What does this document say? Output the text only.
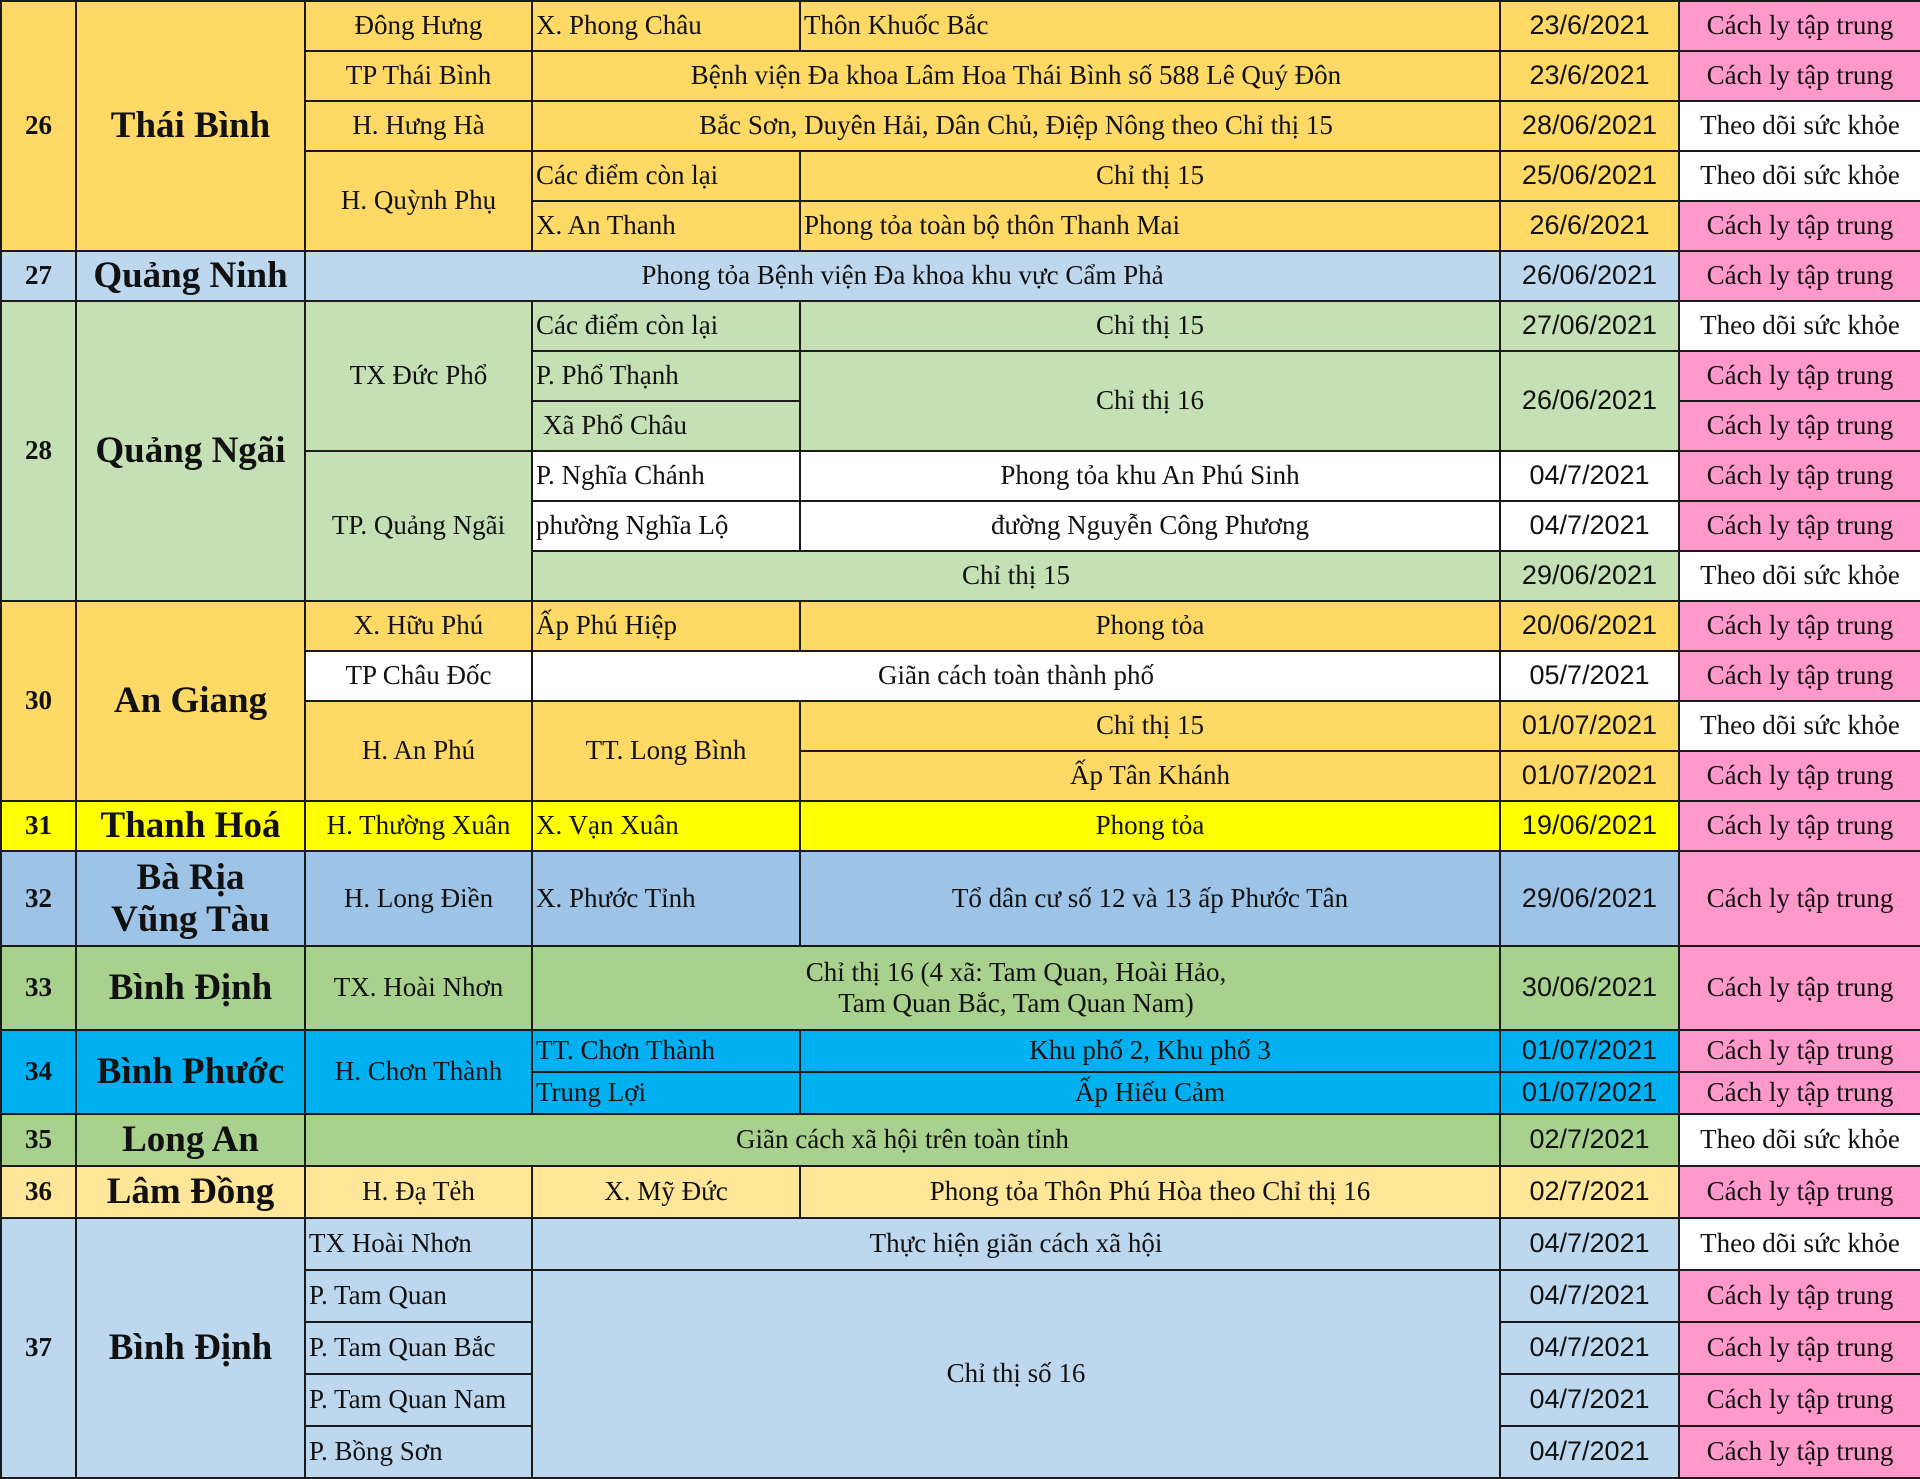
26	Thái Bình	Đông Hưng	X. Phong Châu	Thôn Khuốc Bắc	23/6/2021	Cách ly tập trung
		TP Thái Bình	Bệnh viện Đa khoa Lâm Hoa Thái Bình số 588 Lê Quý Đôn		23/6/2021	Cách ly tập trung
		H. Hưng Hà	Bắc Sơn, Duyên Hải, Dân Chủ, Điệp Nông theo Chỉ thị 15		28/06/2021	Theo dõi sức khỏe
		H. Quỳnh Phụ	Các điểm còn lại	Chỉ thị 15	25/06/2021	Theo dõi sức khỏe
			X. An Thanh	Phong tỏa toàn bộ thôn Thanh Mai	26/6/2021	Cách ly tập trung
27	Quảng Ninh	Phong tỏa Bệnh viện Đa khoa khu vực Cẩm Phả			26/06/2021	Cách ly tập trung
28	Quảng Ngãi	TX Đức Phổ	Các điểm còn lại	Chỉ thị 15	27/06/2021	Theo dõi sức khỏe
			P. Phổ Thạnh	Chỉ thị 16	26/06/2021	Cách ly tập trung
			Xã Phổ Châu			Cách ly tập trung
		TP. Quảng Ngãi	P. Nghĩa Chánh	Phong tỏa khu An Phú Sinh	04/7/2021	Cách ly tập trung
			phường Nghĩa Lộ	đường Nguyễn Công Phương	04/7/2021	Cách ly tập trung
			Chỉ thị 15		29/06/2021	Theo dõi sức khỏe
30	An Giang	X. Hữu Phú	Ấp Phú Hiệp	Phong tỏa	20/06/2021	Cách ly tập trung
		TP Châu Đốc	Giãn cách toàn thành phố		05/7/2021	Cách ly tập trung
		H. An Phú	TT. Long Bình	Chỉ thị 15	01/07/2021	Theo dõi sức khỏe
				Ấp Tân Khánh	01/07/2021	Cách ly tập trung
31	Thanh Hoá	H. Thường Xuân	X. Vạn Xuân	Phong tỏa	19/06/2021	Cách ly tập trung
32	Bà Rịa
Vũng Tàu	H. Long Điền	X. Phước Tỉnh	Tổ dân cư số 12 và 13 ấp Phước Tân	29/06/2021	Cách ly tập trung
33	Bình Định	TX. Hoài Nhơn	Chỉ thị 16 (4 xã: Tam Quan, Hoài Hảo,
Tam Quan Bắc, Tam Quan Nam)		30/06/2021	Cách ly tập trung
34	Bình Phước	H. Chơn Thành	TT. Chơn Thành	Khu phố 2, Khu phố 3	01/07/2021	Cách ly tập trung
			Trung Lợi	Ấp Hiếu Cảm	01/07/2021	Cách ly tập trung
35	Long An	Giãn cách xã hội trên toàn tỉnh			02/7/2021	Theo dõi sức khỏe
36	Lâm Đồng	H. Đạ Tẻh	X. Mỹ Đức	Phong tỏa Thôn Phú Hòa theo Chỉ thị 16	02/7/2021	Cách ly tập trung
37	Bình Định	TX Hoài Nhơn	Thực hiện giãn cách xã hội		04/7/2021	Theo dõi sức khỏe
		P. Tam Quan	Chỉ thị số 16		04/7/2021	Cách ly tập trung
		P. Tam Quan Bắc			04/7/2021	Cách ly tập trung
		P. Tam Quan Nam			04/7/2021	Cách ly tập trung
		P. Bồng Sơn			04/7/2021	Cách ly tập trung
